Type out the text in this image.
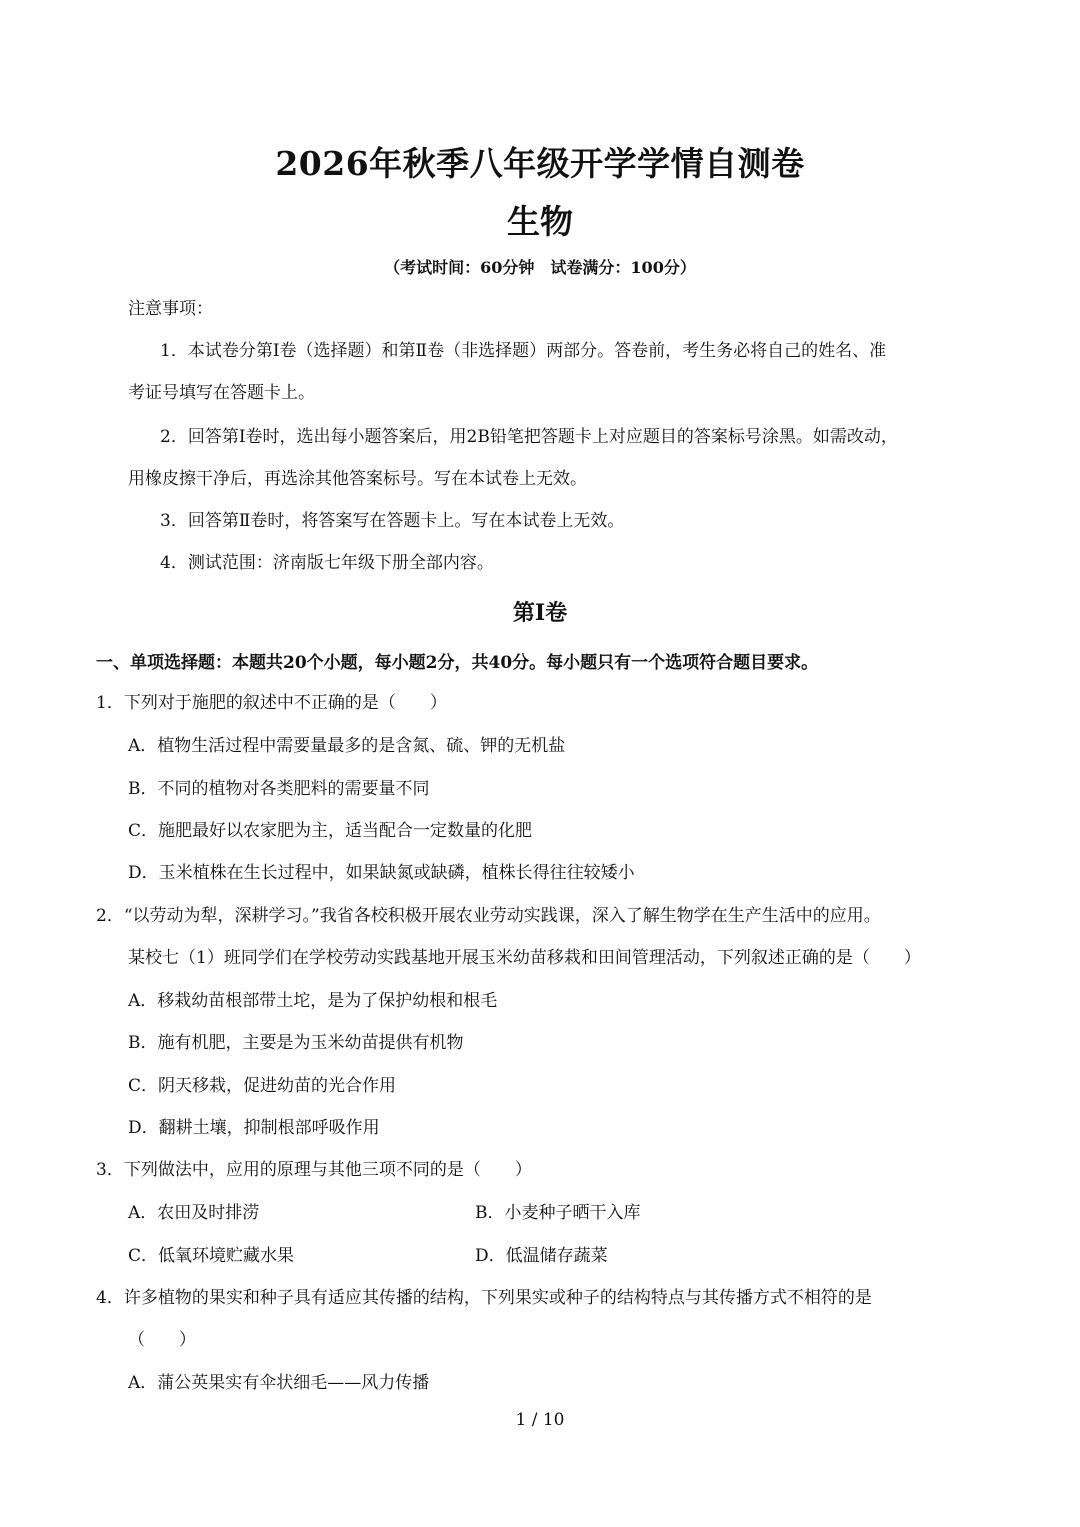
2026年秋季八年级开学学情自测卷
生物
（考试时间：60分钟　试卷满分：100分）
注意事项：
1．本试卷分第Ⅰ卷（选择题）和第Ⅱ卷（非选择题）两部分。答卷前，考生务必将自己的姓名、准
考证号填写在答题卡上。
2．回答第Ⅰ卷时，选出每小题答案后，用2B铅笔把答题卡上对应题目的答案标号涂黑。如需改动，
用橡皮擦干净后，再选涂其他答案标号。写在本试卷上无效。
3．回答第Ⅱ卷时，将答案写在答题卡上。写在本试卷上无效。
4．测试范围：济南版七年级下册全部内容。
第Ⅰ卷
一、单项选择题：本题共20个小题，每小题2分，共40分。每小题只有一个选项符合题目要求。
1．下列对于施肥的叙述中不正确的是（　　）
A．植物生活过程中需要量最多的是含氮、硫、钾的无机盐
B．不同的植物对各类肥料的需要量不同
C．施肥最好以农家肥为主，适当配合一定数量的化肥
D．玉米植株在生长过程中，如果缺氮或缺磷，植株长得往往较矮小
2．“以劳动为犁，深耕学习。”我省各校积极开展农业劳动实践课，深入了解生物学在生产生活中的应用。
某校七（1）班同学们在学校劳动实践基地开展玉米幼苗移栽和田间管理活动，下列叙述正确的是（　　）
A．移栽幼苗根部带土坨，是为了保护幼根和根毛
B．施有机肥，主要是为玉米幼苗提供有机物
C．阴天移栽，促进幼苗的光合作用
D．翻耕土壤，抑制根部呼吸作用
3．下列做法中，应用的原理与其他三项不同的是（　　）
A．农田及时排涝	B．小麦种子晒干入库
C．低氧环境贮藏水果	D．低温储存蔬菜
4．许多植物的果实和种子具有适应其传播的结构，下列果实或种子的结构特点与其传播方式不相符的是
（　　）
A．蒲公英果实有伞状细毛——风力传播
1 / 10
